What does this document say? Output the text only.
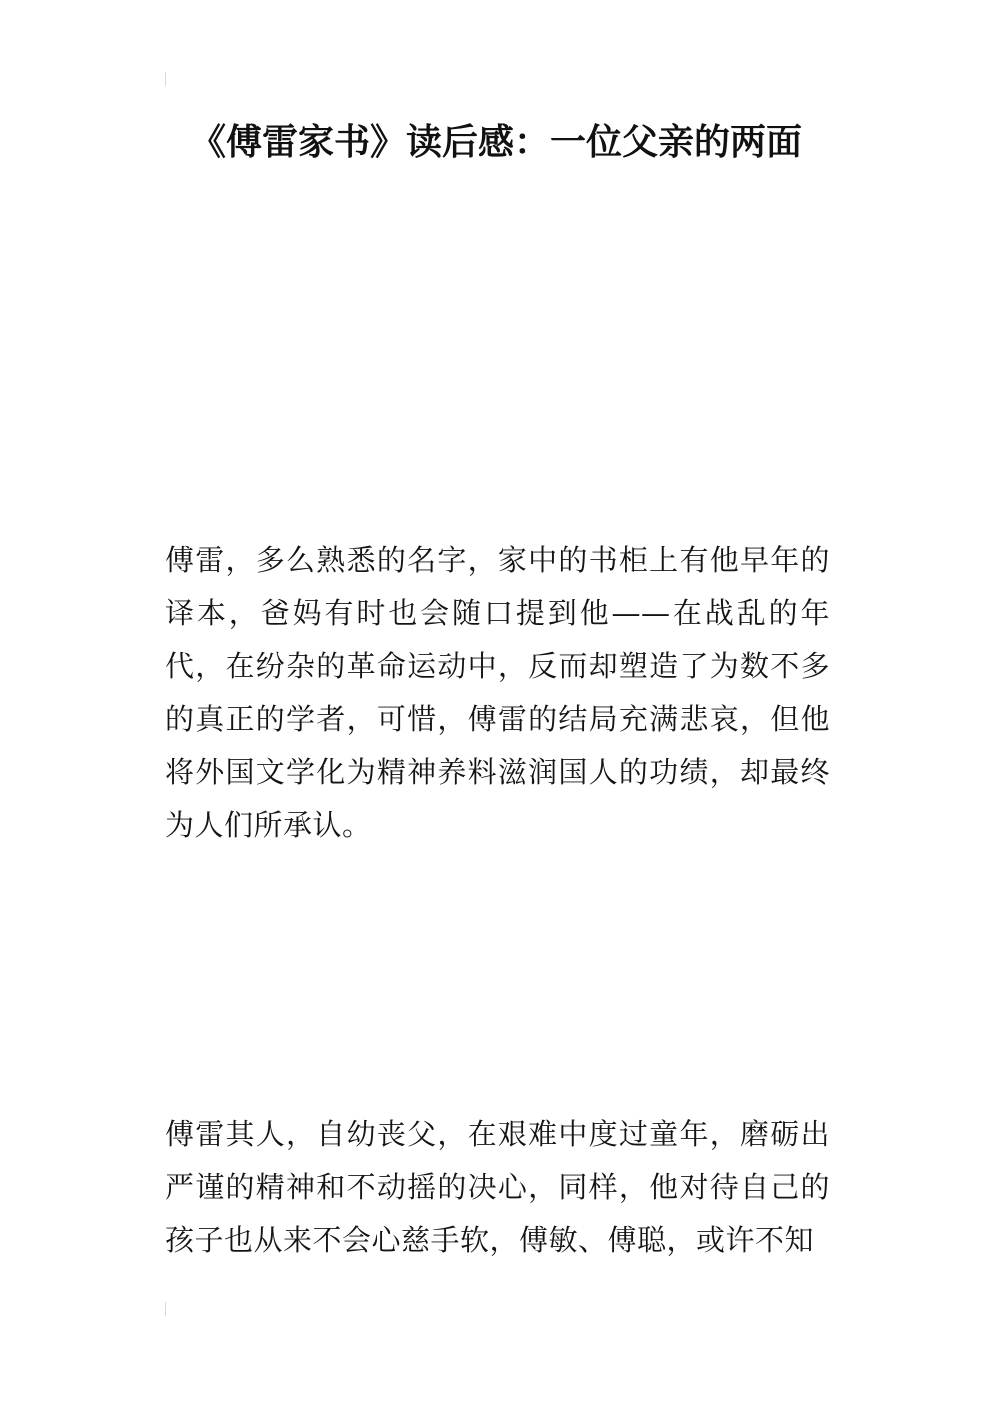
《傅雷家书》读后感：一位父亲的两面

傅雷，多么熟悉的名字，家中的书柜上有他早年的译本，爸妈有时也会随口提到他——在战乱的年代，在纷杂的革命运动中，反而却塑造了为数不多的真正的学者，可惜，傅雷的结局充满悲哀，但他将外国文学化为精神养料滋润国人的功绩，却最终为人们所承认。

傅雷其人，自幼丧父，在艰难中度过童年，磨砺出严谨的精神和不动摇的决心，同样，他对待自己的孩子也从来不会心慈手软，傅敏、傅聪，或许不知
